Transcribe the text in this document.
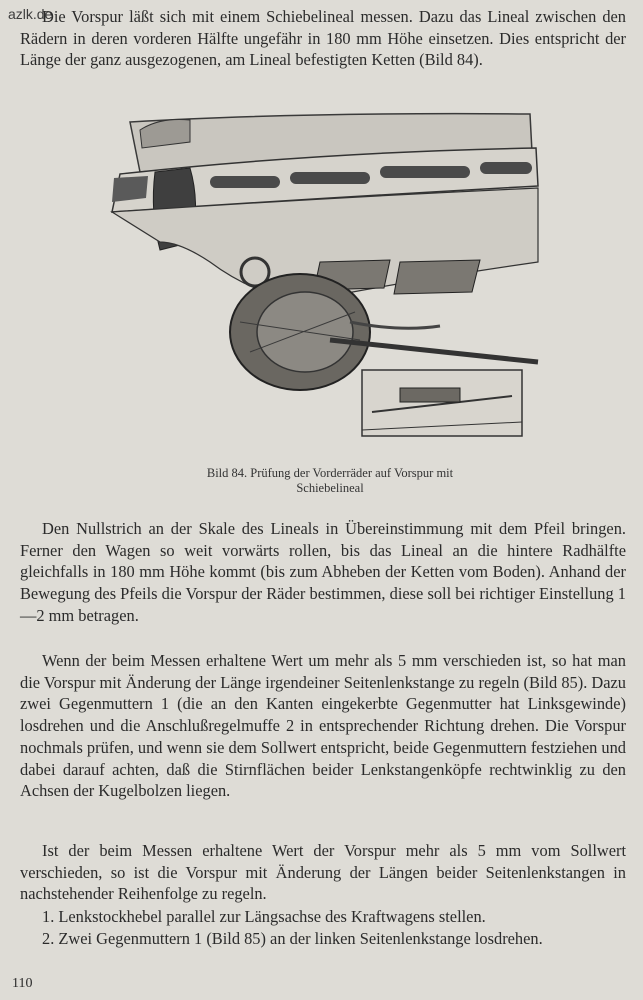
azlk.de

Die Vorspur läßt sich mit einem Schiebelineal messen. Dazu das Lineal zwischen den Rädern in deren vorderen Hälfte ungefähr in 180 mm Höhe einsetzen. Dies entspricht der Länge der ganz ausgezogenen, am Lineal befestigten Ketten (Bild 84).

Bild 84. Prüfung der Vorderräder auf Vorspur mit
Schiebelineal

Den Nullstrich an der Skale des Lineals in Übereinstimmung mit dem Pfeil bringen. Ferner den Wagen so weit vorwärts rollen, bis das Lineal an die hintere Radhälfte gleichfalls in 180 mm Höhe kommt (bis zum Abheben der Ketten vom Boden). Anhand der Bewegung des Pfeils die Vorspur der Räder bestimmen, diese soll bei richtiger Einstellung 1—2 mm betragen.

Wenn der beim Messen erhaltene Wert um mehr als 5 mm verschieden ist, so hat man die Vorspur mit Änderung der Länge irgendeiner Seitenlenkstange zu regeln (Bild 85). Dazu zwei Gegenmuttern 1 (die an den Kanten eingekerbte Gegenmutter hat Linksgewinde) losdrehen und die Anschlußregelmuffe 2 in entsprechender Richtung drehen. Die Vorspur nochmals prüfen, und wenn sie dem Sollwert entspricht, beide Gegenmuttern festziehen und dabei darauf achten, daß die Stirnflächen beider Lenkstangenköpfe rechtwinklig zu den Achsen der Kugelbolzen liegen.

Ist der beim Messen erhaltene Wert der Vorspur mehr als 5 mm vom Sollwert verschieden, so ist die Vorspur mit Änderung der Längen beider Seitenlenkstangen in nachstehender Reihenfolge zu regeln.

1. Lenkstockhebel parallel zur Längsachse des Kraftwagens stellen.

2. Zwei Gegenmuttern 1 (Bild 85) an der linken Seitenlenkstange losdrehen.

110
